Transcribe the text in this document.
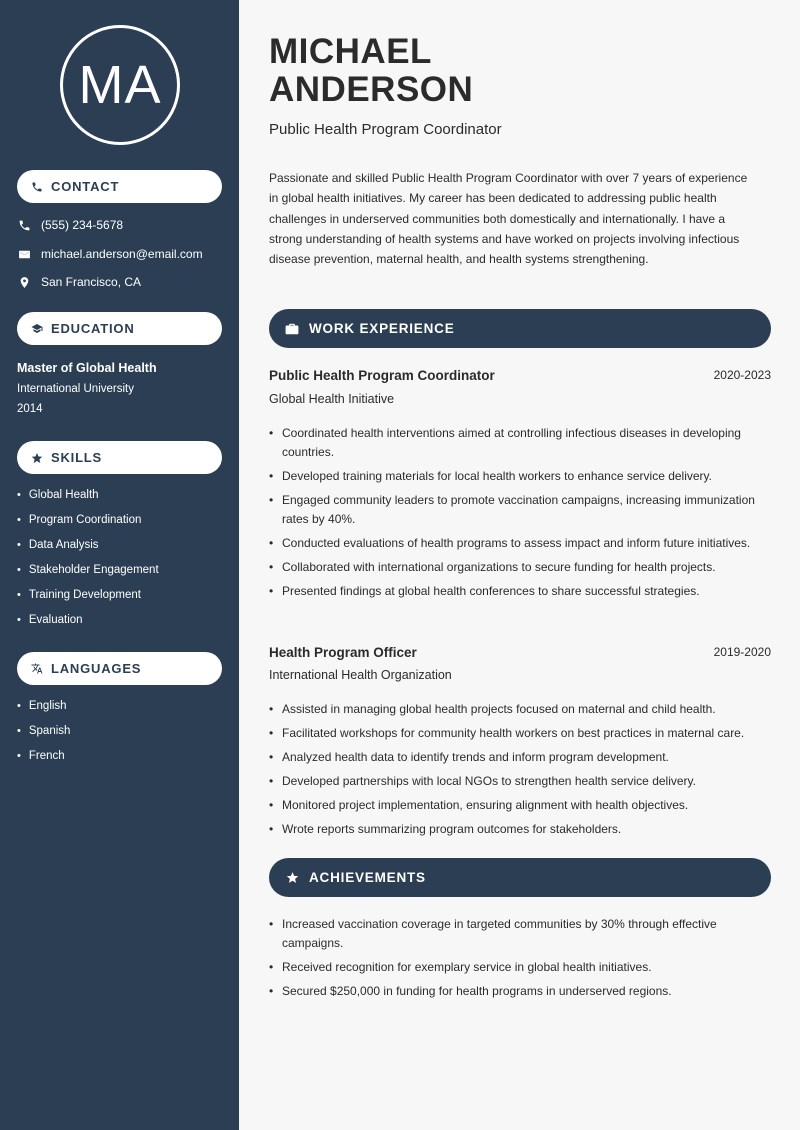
MA
CONTACT
(555) 234-5678
michael.anderson@email.com
San Francisco, CA
EDUCATION
Master of Global Health
International University
2014
SKILLS
• Global Health
• Program Coordination
• Data Analysis
• Stakeholder Engagement
• Training Development
• Evaluation
LANGUAGES
• English
• Spanish
• French
MICHAEL
ANDERSON
Public Health Program Coordinator

Passionate and skilled Public Health Program Coordinator with over 7 years of experience in global health initiatives. My career has been dedicated to addressing public health challenges in underserved communities both domestically and internationally. I have a strong understanding of health systems and have worked on projects involving infectious disease prevention, maternal health, and health systems strengthening.

WORK EXPERIENCE
Public Health Program Coordinator	2020-2023
Global Health Initiative
• Coordinated health interventions aimed at controlling infectious diseases in developing countries.
• Developed training materials for local health workers to enhance service delivery.
• Engaged community leaders to promote vaccination campaigns, increasing immunization rates by 40%.
• Conducted evaluations of health programs to assess impact and inform future initiatives.
• Collaborated with international organizations to secure funding for health projects.
• Presented findings at global health conferences to share successful strategies.
Health Program Officer	2019-2020
International Health Organization
• Assisted in managing global health projects focused on maternal and child health.
• Facilitated workshops for community health workers on best practices in maternal care.
• Analyzed health data to identify trends and inform program development.
• Developed partnerships with local NGOs to strengthen health service delivery.
• Monitored project implementation, ensuring alignment with health objectives.
• Wrote reports summarizing program outcomes for stakeholders.
ACHIEVEMENTS
• Increased vaccination coverage in targeted communities by 30% through effective campaigns.
• Received recognition for exemplary service in global health initiatives.
• Secured $250,000 in funding for health programs in underserved regions.
